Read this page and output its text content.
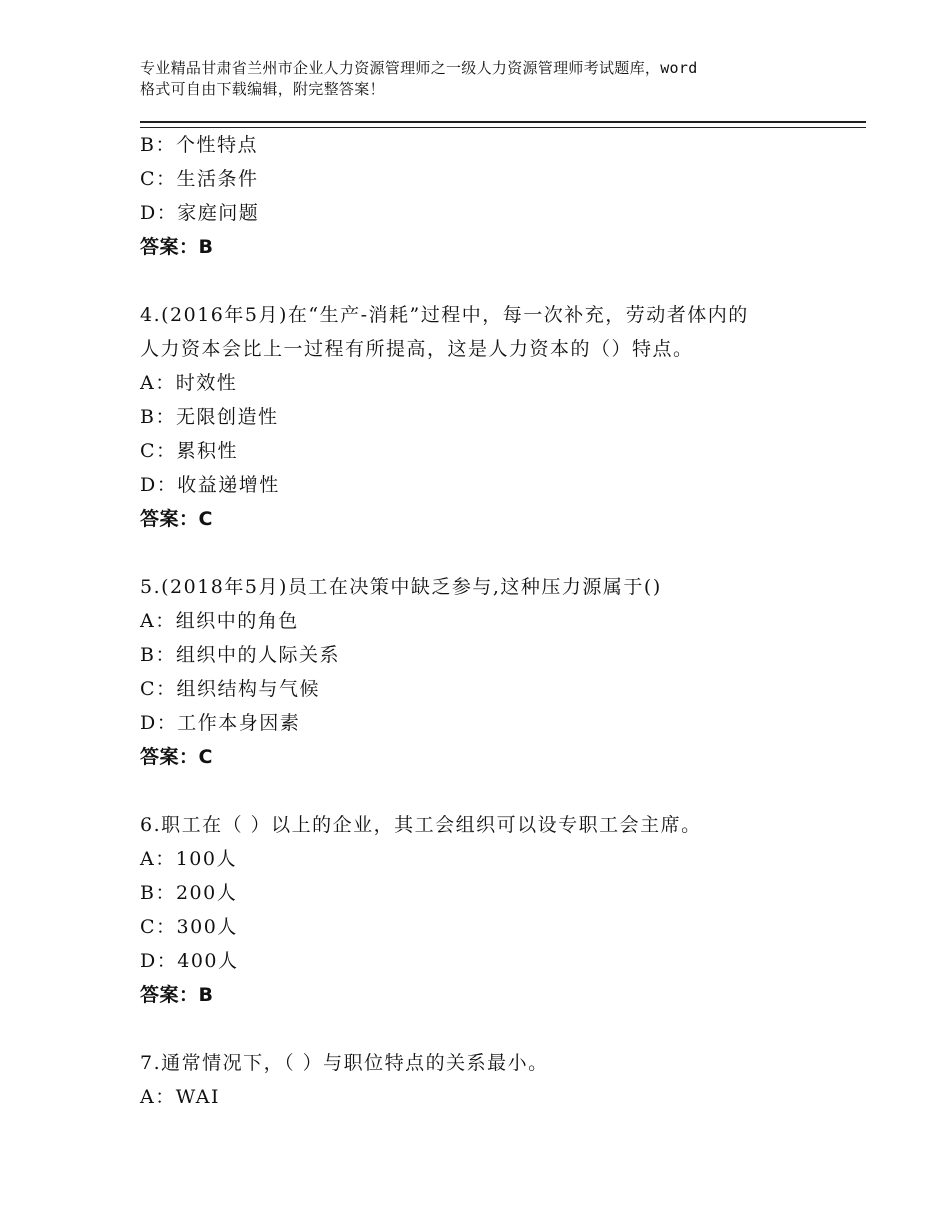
专业精品甘肃省兰州市企业人力资源管理师之一级人力资源管理师考试题库，word
格式可自由下载编辑，附完整答案！
B：个性特点
C：生活条件
D：家庭问题
答案：B
4.(2016年5月)在“生产-消耗”过程中，每一次补充，劳动者体内的
人力资本会比上一过程有所提高，这是人力资本的（）特点。
A：时效性
B：无限创造性
C：累积性
D：收益递增性
答案：C
5.(2018年5月)员工在决策中缺乏参与,这种压力源属于()
A：组织中的角色
B：组织中的人际关系
C：组织结构与气候
D：工作本身因素
答案：C
6.职工在（ ）以上的企业，其工会组织可以设专职工会主席。
A：100人
B：200人
C：300人
D：400人
答案：B
7.通常情况下，（ ）与职位特点的关系最小。
A：WAI
